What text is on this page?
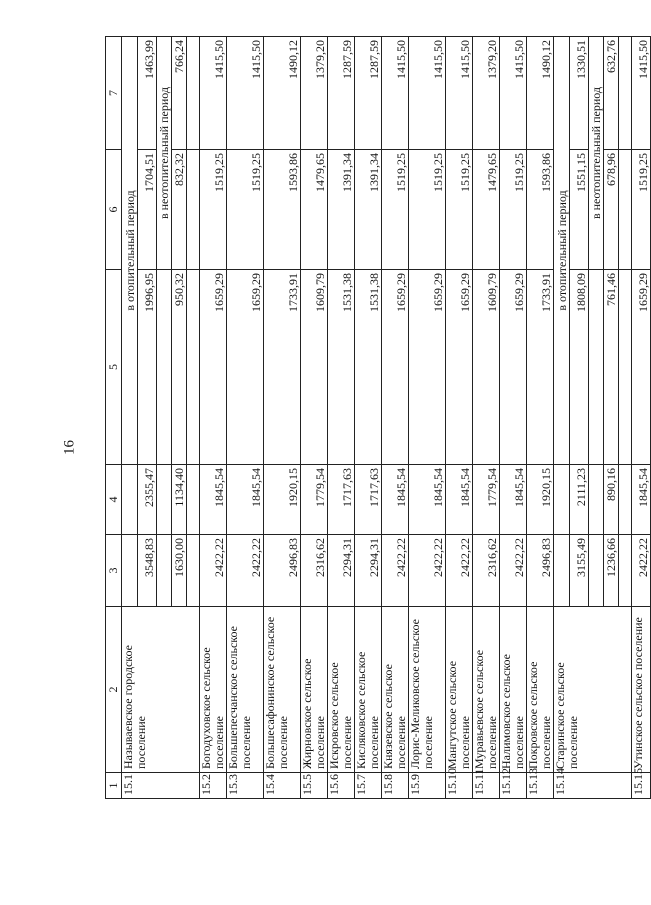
16
1	2	3	4	5	6	7
15.1	Называевское городское поселение			в отопительный период		
		3548,83	2355,47	1996,95	1704,51	1463,99
					в неотопительный период	
		1630,00	1134,40	950,32	832,32	766,24

15.2	Богодуховское сельское поселение	2422,22	1845,54	1659,29	1519,25	1415,50
15.3	Большепесчанское сельское поселение	2422,22	1845,54	1659,29	1519,25	1415,50
15.4	Большесафонинское сельское поселение	2496,83	1920,15	1733,91	1593,86	1490,12
15.5	Жирновское сельское поселение	2316,62	1779,54	1609,79	1479,65	1379,20
15.6	Искровское сельское поселение	2294,31	1717,63	1531,38	1391,34	1287,59
15.7	Кисляковское сельское поселение	2294,31	1717,63	1531,38	1391,34	1287,59
15.8	Князевское сельское поселение	2422,22	1845,54	1659,29	1519,25	1415,50
15.9	Лорис-Меликовское сельское поселение	2422,22	1845,54	1659,29	1519,25	1415,50
15.10	Мангутское сельское поселение	2422,22	1845,54	1659,29	1519,25	1415,50
15.11	Муравьевское сельское поселение	2316,62	1779,54	1609,79	1479,65	1379,20
15.12	Налимовское сельское поселение	2422,22	1845,54	1659,29	1519,25	1415,50
15.13	Покровское сельское поселение	2496,83	1920,15	1733,91	1593,86	1490,12
15.14	Старинское сельское поселение			в отопительный период		
		3155,49	2111,23	1808,09	1551,15	1330,51
					в неотопительный период	
		1236,66	890,16	761,46	678,96	632,76

15.15	Утинское сельское поселение	2422,22	1845,54	1659,29	1519,25	1415,50
